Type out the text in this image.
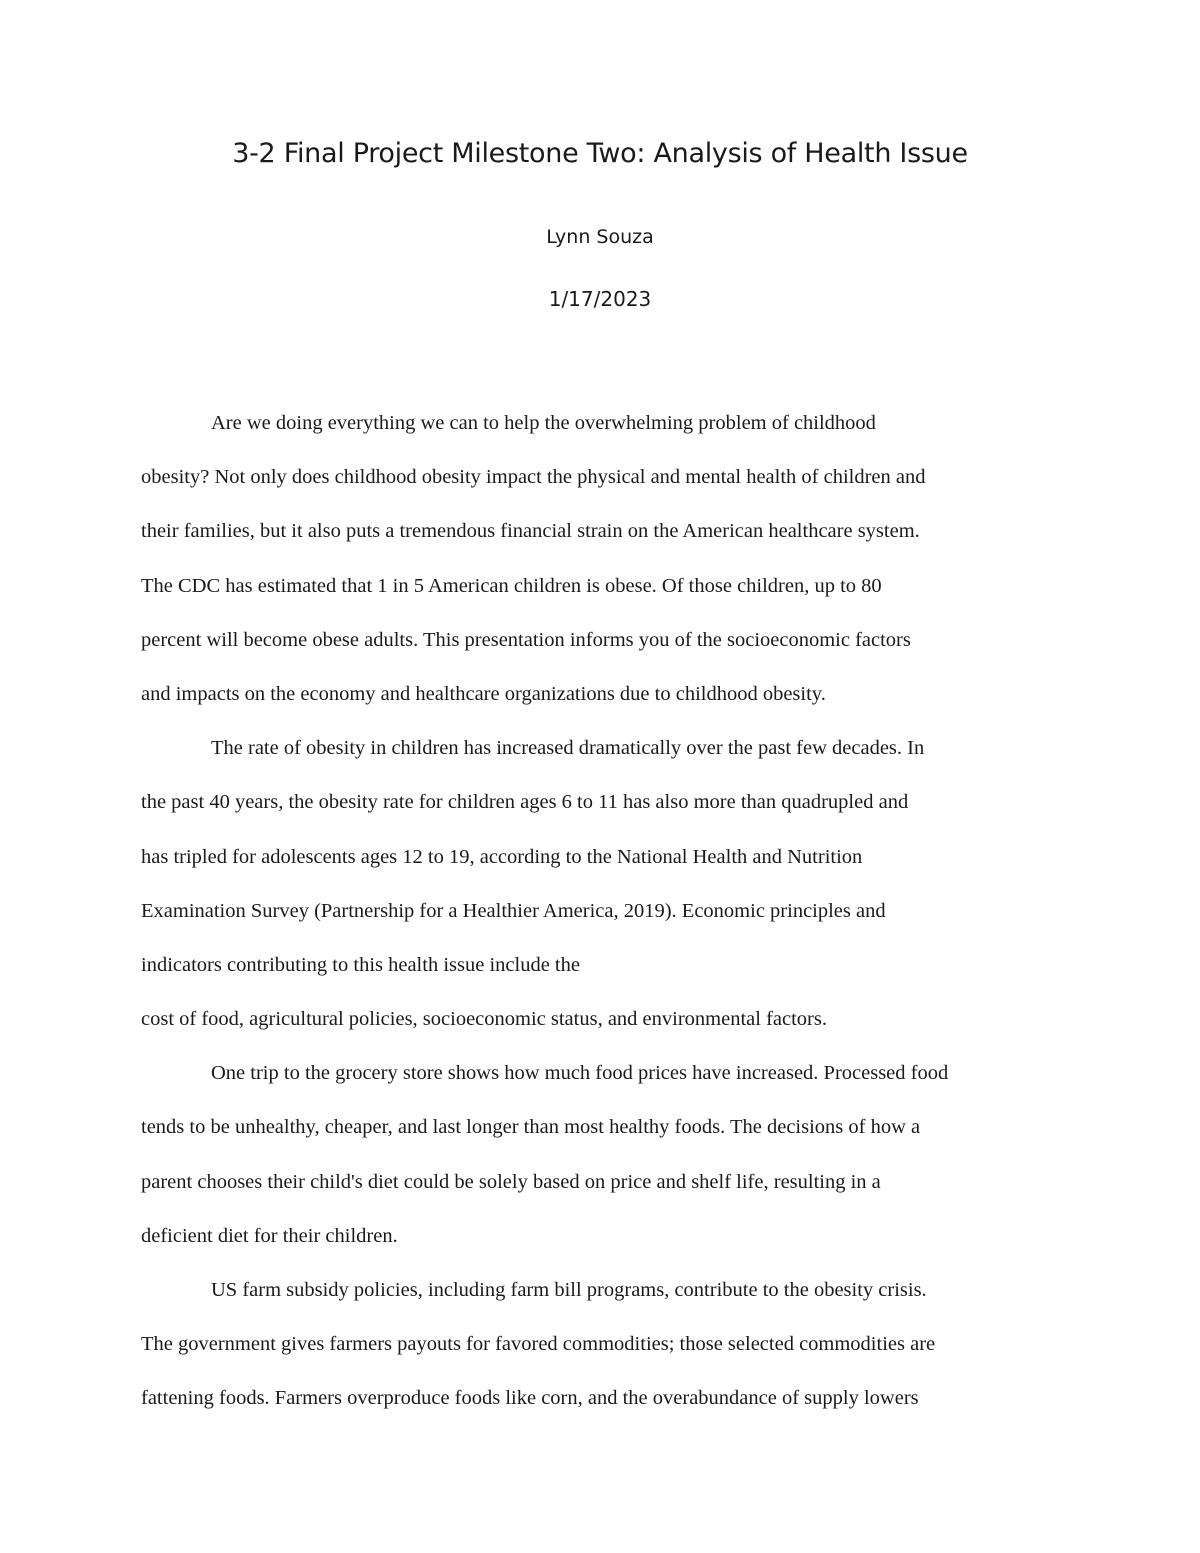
3-2 Final Project Milestone Two: Analysis of Health Issue
Lynn Souza
1/17/2023
Are we doing everything we can to help the overwhelming problem of childhood
obesity? Not only does childhood obesity impact the physical and mental health of children and
their families, but it also puts a tremendous financial strain on the American healthcare system.
The CDC has estimated that 1 in 5 American children is obese. Of those children, up to 80
percent will become obese adults. This presentation informs you of the socioeconomic factors
and impacts on the economy and healthcare organizations due to childhood obesity.
The rate of obesity in children has increased dramatically over the past few decades. In
the past 40 years, the obesity rate for children ages 6 to 11 has also more than quadrupled and
has tripled for adolescents ages 12 to 19, according to the National Health and Nutrition
Examination Survey (Partnership for a Healthier America, 2019). Economic principles and
indicators contributing to this health issue include the
cost of food, agricultural policies, socioeconomic status, and environmental factors.
One trip to the grocery store shows how much food prices have increased. Processed food
tends to be unhealthy, cheaper, and last longer than most healthy foods. The decisions of how a
parent chooses their child's diet could be solely based on price and shelf life, resulting in a
deficient diet for their children.
US farm subsidy policies, including farm bill programs, contribute to the obesity crisis.
The government gives farmers payouts for favored commodities; those selected commodities are
fattening foods. Farmers overproduce foods like corn, and the overabundance of supply lowers
